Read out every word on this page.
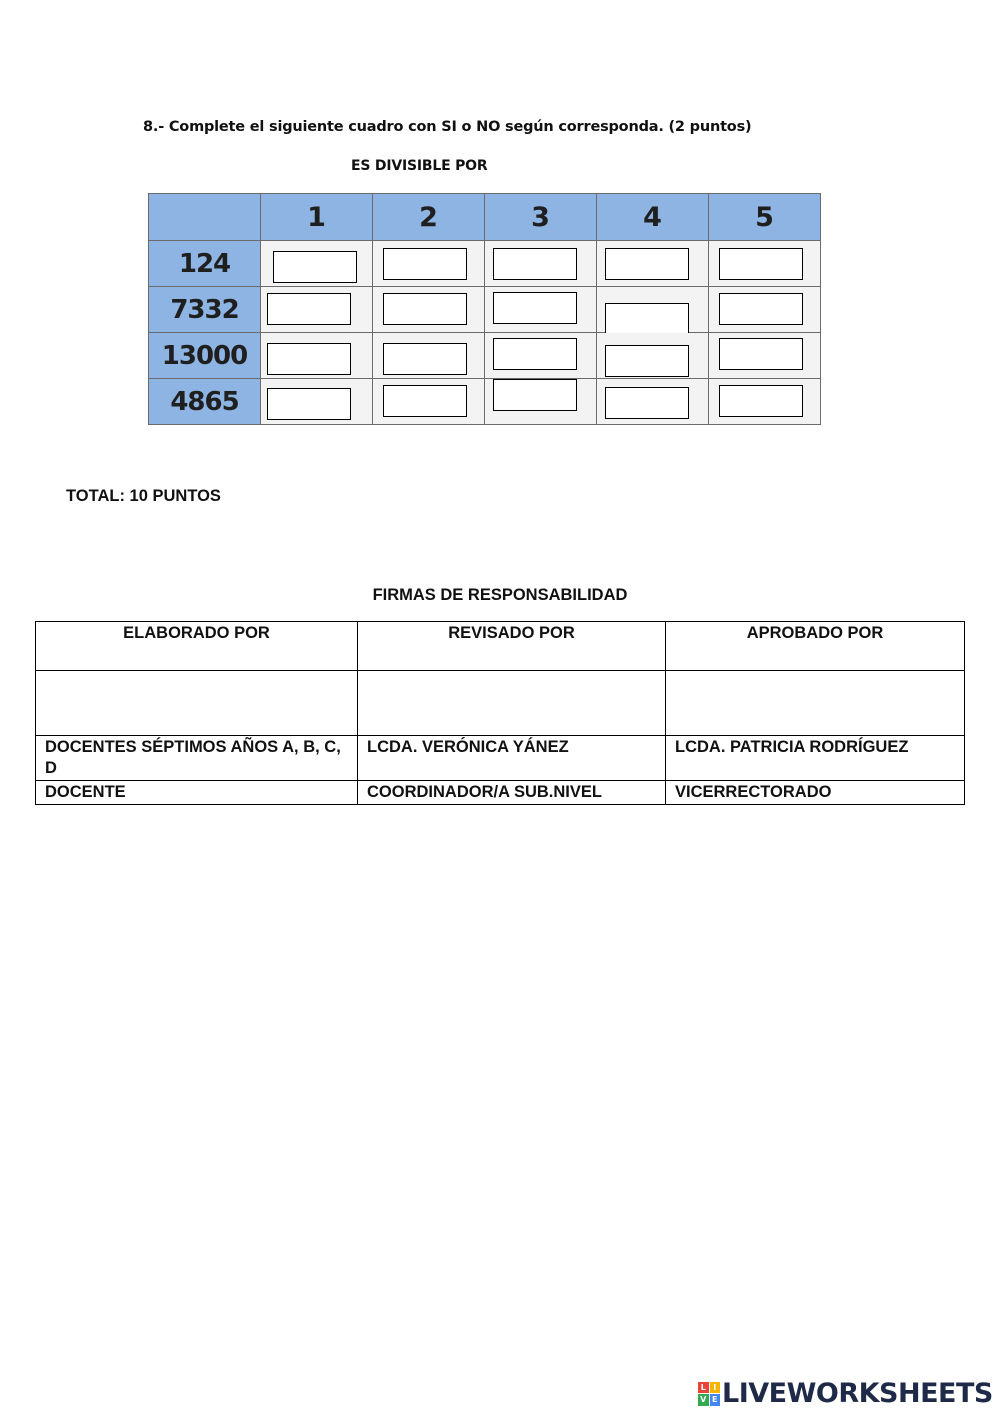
8.- Complete el siguiente cuadro con SI o NO según corresponda. (2 puntos)
ES DIVISIBLE POR
	1	2	3	4	5
124	

7332	

13000	

4865	

TOTAL: 10 PUNTOS
FIRMAS DE RESPONSABILIDAD
ELABORADO POR	REVISADO POR	APROBADO POR

DOCENTES SÉPTIMOS AÑOS A, B, C, D	LCDA. VERÓNICA YÁNEZ	LCDA. PATRICIA RODRÍGUEZ
DOCENTE	COORDINADOR/A SUB.NIVEL	VICERRECTORADO
L I
V E LIVEWORKSHEETS
